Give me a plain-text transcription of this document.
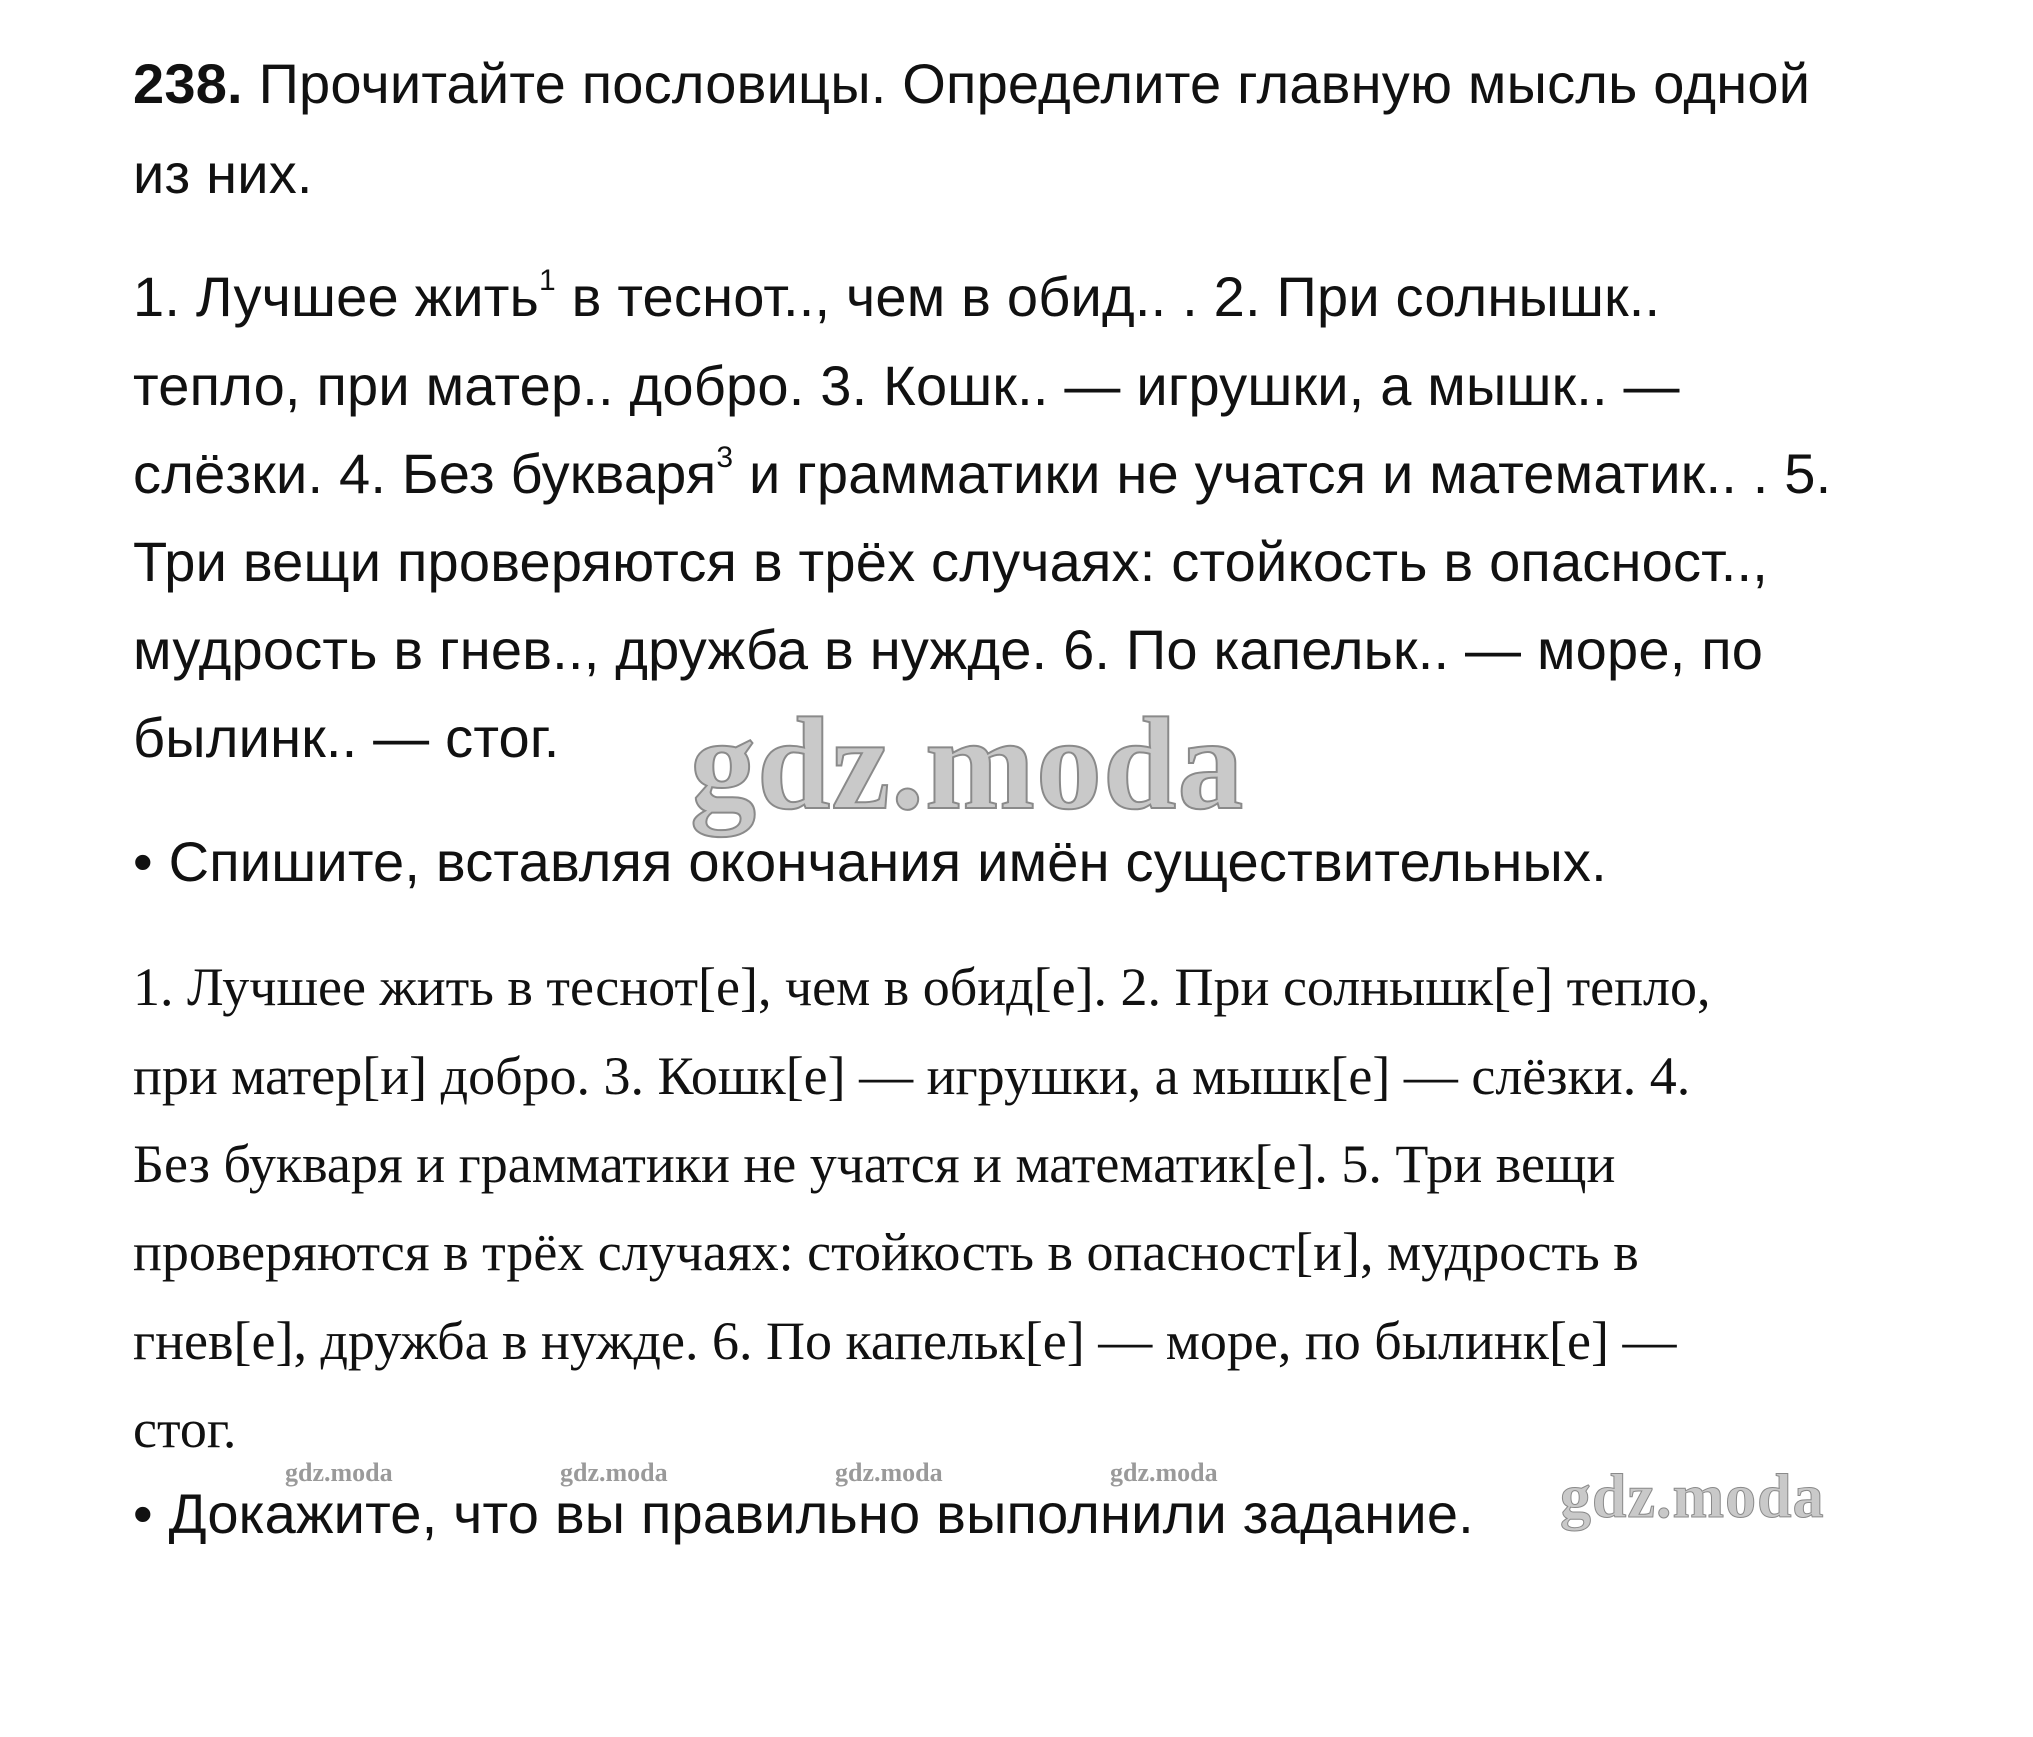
238. Прочитайте пословицы. Определите главную мысль одной

из них.

1. Лучшее жить$^1$ в теснот.., чем в обид.. . 2. При солнышк..

тепло, при матер.. добро. 3. Кошк.. — игрушки, а мышк.. —

слёзки. 4. Без букваря$^3$ и грамматики не учатся и математик.. . 5.

Три вещи проверяются в трёх случаях: стойкость в опасност..,

мудрость в гнев.., дружба в нужде. 6. По капельк.. — море, по

былинк.. — стог. gdz.moda

• Спишите, вставляя окончания имён существительных.

1. Лучшее жить в теснот[е], чем в обид[е]. 2. При солнышк[е] тепло,

при матер[и] добро. 3. Кошк[е] — игрушки, а мышк[е] — слёзки. 4.

Без букваря и грамматики не учатся и математик[е]. 5. Три вещи

проверяются в трёх случаях: стойкость в опасност[и], мудрость в

гнев[е], дружба в нужде. 6. По капельк[е] — море, по былинк[е] —

стог.

gdz.moda	gdz.moda	gdz.moda	gdz.moda

• Докажите, что вы правильно выполнили задание. gdz.moda
